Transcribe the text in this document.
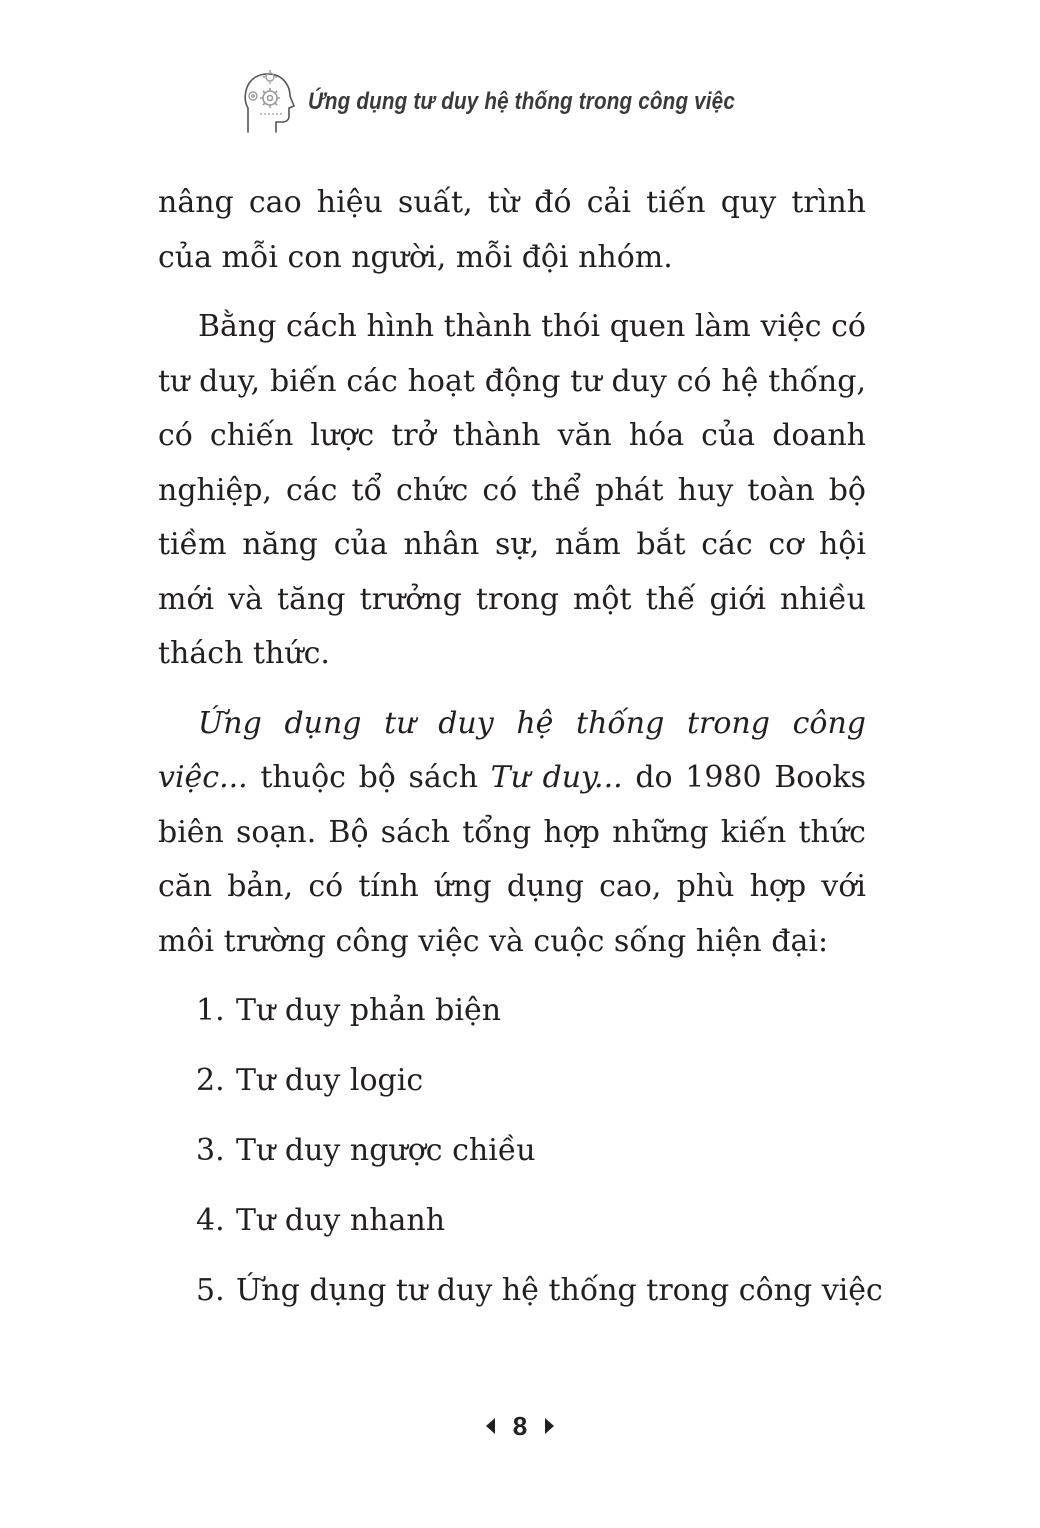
Ứng dụng tư duy hệ thống trong công việc

nâng cao hiệu suất, từ đó cải tiến quy trình của mỗi con người, mỗi đội nhóm.

Bằng cách hình thành thói quen làm việc có tư duy, biến các hoạt động tư duy có hệ thống, có chiến lược trở thành văn hóa của doanh nghiệp, các tổ chức có thể phát huy toàn bộ tiềm năng của nhân sự, nắm bắt các cơ hội mới và tăng trưởng trong một thế giới nhiều thách thức.

Ứng dụng tư duy hệ thống trong công việc... thuộc bộ sách Tư duy... do 1980 Books biên soạn. Bộ sách tổng hợp những kiến thức căn bản, có tính ứng dụng cao, phù hợp với môi trường công việc và cuộc sống hiện đại:

1. Tư duy phản biện
2. Tư duy logic
3. Tư duy ngược chiều
4. Tư duy nhanh
5. Ứng dụng tư duy hệ thống trong công việc
8
